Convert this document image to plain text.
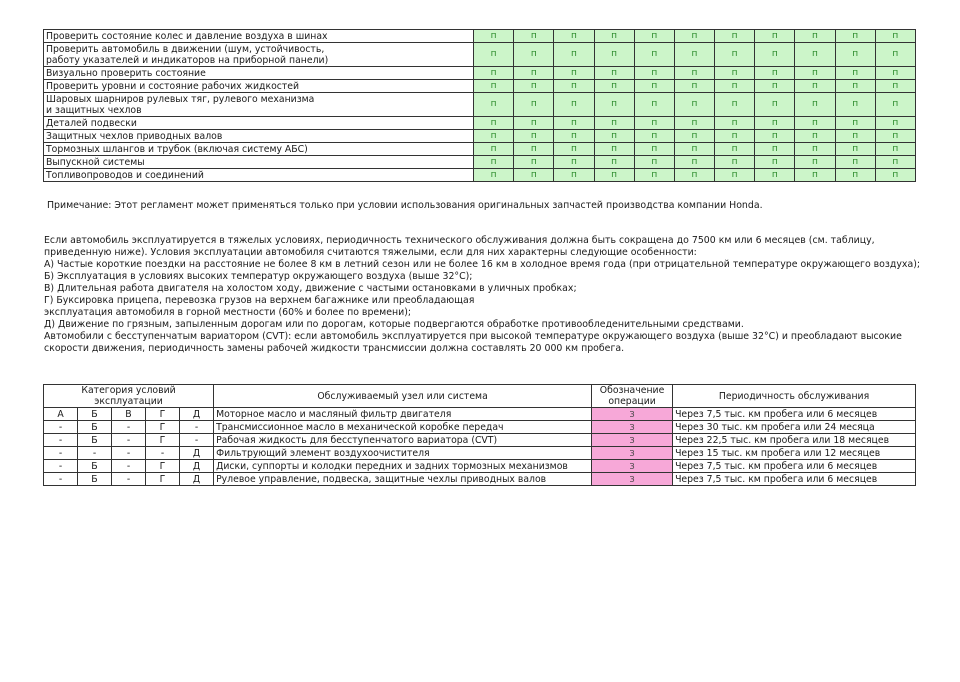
Проверить состояние колес и давление воздуха в шинах	п	п	п	п	п	п	п	п	п	п	п

Проверить автомобиль в движении (шум, устойчивость,
работу указателей и индикаторов на приборной панели)	п	п	п	п	п	п	п	п	п	п	п

Визуально проверить состояние	п	п	п	п	п	п	п	п	п	п	п

Проверить уровни и состояние рабочих жидкостей	п	п	п	п	п	п	п	п	п	п	п

Шаровых шарниров рулевых тяг, рулевого механизма
и защитных чехлов	п	п	п	п	п	п	п	п	п	п	п

Деталей подвески	п	п	п	п	п	п	п	п	п	п	п

Защитных чехлов приводных валов	п	п	п	п	п	п	п	п	п	п	п

Тормозных шлангов и трубок (включая систему АБС)	п	п	п	п	п	п	п	п	п	п	п

Выпускной системы	п	п	п	п	п	п	п	п	п	п	п

Топливопроводов и соединений	п	п	п	п	п	п	п	п	п	п	п
Примечание: Этот регламент может применяться только при условии использования оригинальных запчастей производства компании Honda.
Если автомобиль эксплуатируется в тяжелых условиях, периодичность технического обслуживания должна быть сокращена до 7500 км или 6 месяцев (см. таблицу,
приведенную ниже). Условия эксплуатации автомобиля считаются тяжелыми, если для них характерны следующие особенности:
А) Частые короткие поездки на расстояние не более 8 км в летний сезон или не более 16 км в холодное время года (при отрицательной температуре окружающего воздуха);
Б) Эксплуатация в условиях высоких температур окружающего воздуха (выше 32°С);
В) Длительная работа двигателя на холостом ходу, движение с частыми остановками в уличных пробках;
Г) Буксировка прицепа, перевозка грузов на верхнем багажнике или преобладающая
эксплуатация автомобиля в горной местности (60% и более по времени);
Д) Движение по грязным, запыленным дорогам или по дорогам, которые подвергаются обработке противообледенительными средствами.
Автомобили с бесступенчатым вариатором (CVT): если автомобиль эксплуатируется при высокой температуре окружающего воздуха (выше 32°С) и преобладают высокие
скорости движения, периодичность замены рабочей жидкости трансмиссии должна составлять 20 000 км пробега.
Категория условий эксплуатации					Обслуживаемый узел или система	Обозначение операции	Периодичность обслуживания
А	Б	В	Г	Д	Моторное масло и масляный фильтр двигателя	З	Через 7,5 тыс. км пробега или 6 месяцев
-	Б	-	Г	-	Трансмиссионное масло в механической коробке передач	З	Через 30 тыс. км пробега или 24 месяца
-	Б	-	Г	-	Рабочая жидкость для бесступенчатого вариатора (CVT)	З	Через 22,5 тыс. км пробега или 18 месяцев
-	-	-	-	Д	Фильтрующий элемент воздухоочистителя	З	Через 15 тыс. км пробега или 12 месяцев
-	Б	-	Г	Д	Диски, суппорты и колодки передних и задних тормозных механизмов	З	Через 7,5 тыс. км пробега или 6 месяцев
-	Б	-	Г	Д	Рулевое управление, подвеска, защитные чехлы приводных валов	З	Через 7,5 тыс. км пробега или 6 месяцев
